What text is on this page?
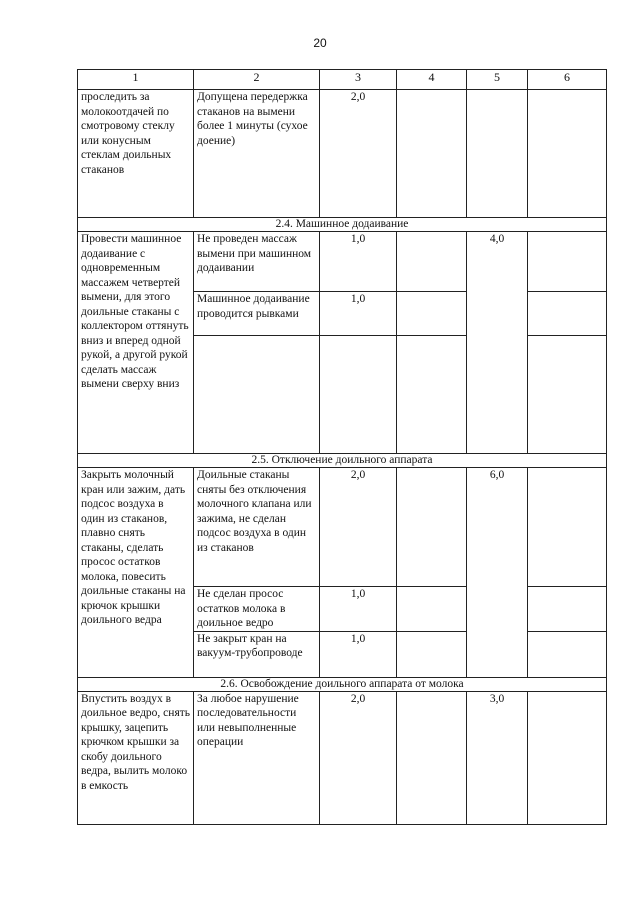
20
1	2	3	4	5	6
проследить за молокоотдачей по смотровому стеклу или конусным стеклам доильных стаканов	Допущена передержка стаканов на вымени более 1 минуты (сухое доение)	2,0			
2.4. Машинное додаивание					
Провести машинное додаивание с одновременным массажем четвертей вымени, для этого доильные стаканы с коллектором оттянуть вниз и вперед одной рукой, а другой рукой сделать массаж вымени сверху вниз	Не проведен массаж вымени при машинном додаивании	1,0		4,0	
	Машинное додаивание проводится рывками	1,0			

2.5. Отключение доильного аппарата					
Закрыть молочный кран или зажим, дать подсос воздуха в один из стаканов, плавно снять стаканы, сделать просос остатков молока, повесить доильные стаканы на крючок крышки доильного ведра	Доильные стаканы сняты без отключения молочного клапана или зажима, не сделан подсос воздуха в один из стаканов	2,0		6,0	
	Не сделан просос остатков молока в доильное ведро	1,0			
	Не закрыт кран на вакуум-трубопроводе	1,0			
2.6. Освобождение доильного аппарата от молока					
Впустить воздух в доильное ведро, снять крышку, зацепить крючком крышки за скобу доильного ведра, вылить молоко в емкость	За любое нарушение последовательности или невыполненные операции	2,0		3,0	
